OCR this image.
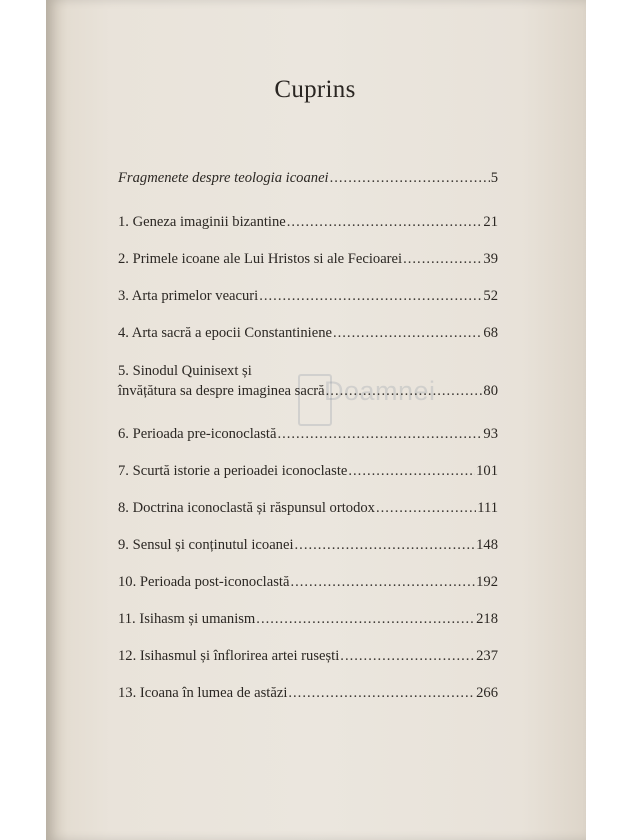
Cuprins
Doamnei
Fragmenete despre teologia icoanei .....	5
1. Geneza imaginii bizantine .....	21
2. Primele icoane ale Lui Hristos si ale Fecioarei .....	39
3. Arta primelor veacuri .....	52
4. Arta sacră a epocii Constantiniene .....	68
5. Sinodul Quinisext și
învățătura sa despre imaginea sacră .....	80
6. Perioada pre-iconoclastă .....	93
7. Scurtă istorie a perioadei iconoclaste .....	101
8. Doctrina iconoclastă și răspunsul ortodox .....	111
9. Sensul și conținutul icoanei .....	148
10. Perioada post-iconoclastă .....	192
11. Isihasm și umanism .....	218
12. Isihasmul și înflorirea artei rusești .....	237
13. Icoana în lumea de astăzi .....	266
